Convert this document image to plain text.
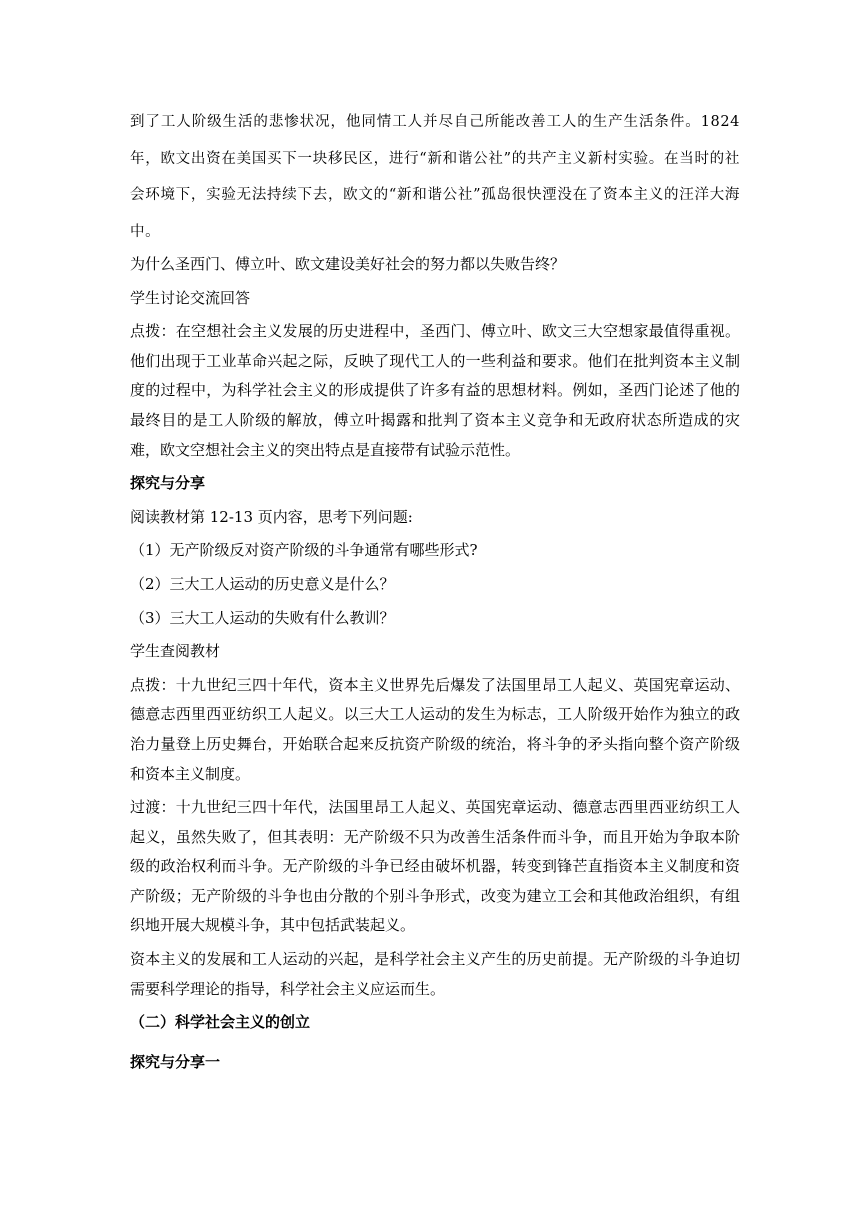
到了工人阶级生活的悲惨状况，他同情工人并尽自己所能改善工人的生产生活条件。1824年，欧文出资在美国买下一块移民区，进行“新和谐公社”的共产主义新村实验。在当时的社会环境下，实验无法持续下去，欧文的“新和谐公社”孤岛很快湮没在了资本主义的汪洋大海中。

为什么圣西门、傅立叶、欧文建设美好社会的努力都以失败告终？

学生讨论交流回答

点拨：在空想社会主义发展的历史进程中，圣西门、傅立叶、欧文三大空想家最值得重视。他们出现于工业革命兴起之际，反映了现代工人的一些利益和要求。他们在批判资本主义制度的过程中，为科学社会主义的形成提供了许多有益的思想材料。例如，圣西门论述了他的最终目的是工人阶级的解放，傅立叶揭露和批判了资本主义竞争和无政府状态所造成的灾难，欧文空想社会主义的突出特点是直接带有试验示范性。

探究与分享

阅读教材第 12-13 页内容，思考下列问题:

（1）无产阶级反对资产阶级的斗争通常有哪些形式?

（2）三大工人运动的历史意义是什么？

（3）三大工人运动的失败有什么教训？

学生查阅教材

点拨：十九世纪三四十年代，资本主义世界先后爆发了法国里昂工人起义、英国宪章运动、德意志西里西亚纺织工人起义。以三大工人运动的发生为标志，工人阶级开始作为独立的政治力量登上历史舞台，开始联合起来反抗资产阶级的统治，将斗争的矛头指向整个资产阶级和资本主义制度。

过渡：十九世纪三四十年代，法国里昂工人起义、英国宪章运动、德意志西里西亚纺织工人起义，虽然失败了，但其表明：无产阶级不只为改善生活条件而斗争，而且开始为争取本阶级的政治权利而斗争。无产阶级的斗争已经由破坏机器，转变到锋芒直指资本主义制度和资产阶级；无产阶级的斗争也由分散的个别斗争形式，改变为建立工会和其他政治组织，有组织地开展大规模斗争，其中包括武装起义。

资本主义的发展和工人运动的兴起，是科学社会主义产生的历史前提。无产阶级的斗争迫切需要科学理论的指导，科学社会主义应运而生。

（二）科学社会主义的创立

探究与分享一
